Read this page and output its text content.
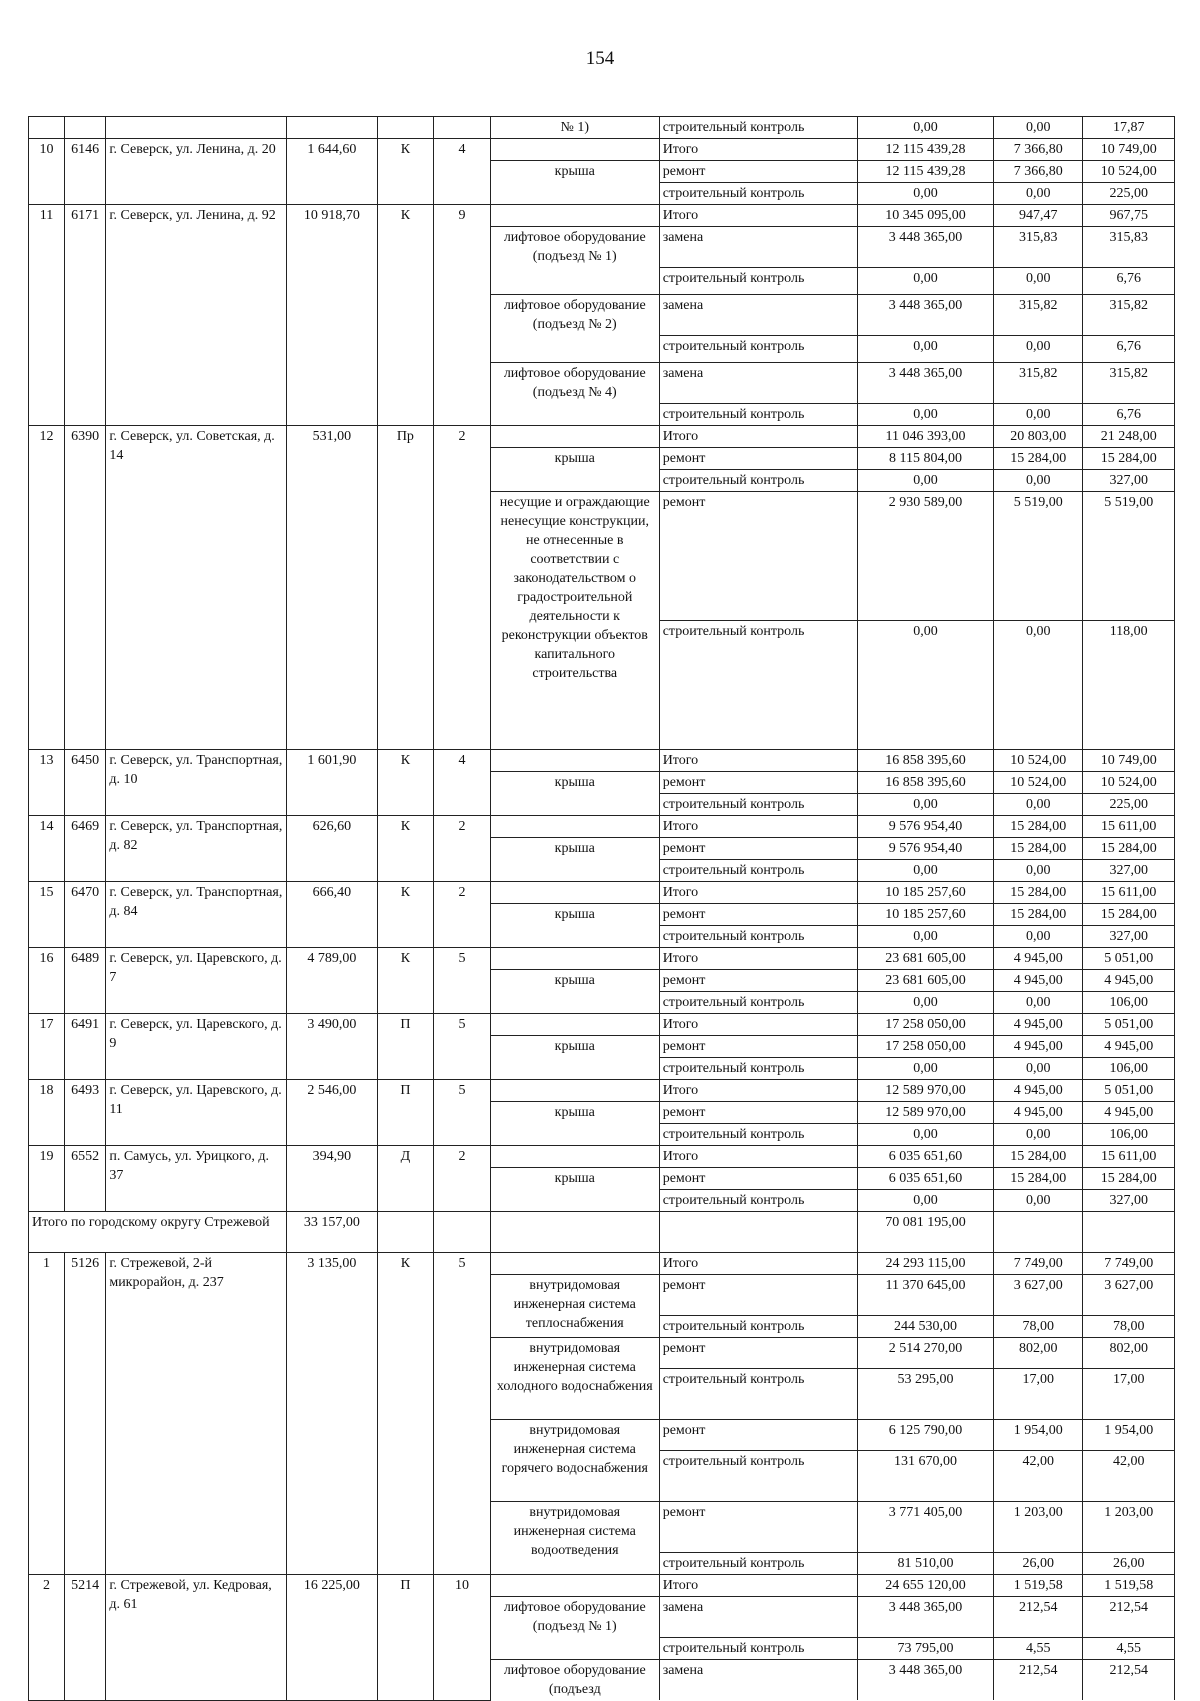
154
						№ 1)	строительный контроль	0,00	0,00	17,87
10	6146	г. Северск, ул. Ленина, д. 20	1 644,60	К	4		Итого	12 115 439,28	7 366,80	10 749,00
						крыша	ремонт	12 115 439,28	7 366,80	10 524,00
							строительный контроль	0,00	0,00	225,00
11	6171	г. Северск, ул. Ленина, д. 92	10 918,70	К	9		Итого	10 345 095,00	947,47	967,75
						лифтовое оборудование (подъезд № 1)	замена	3 448 365,00	315,83	315,83
							строительный контроль	0,00	0,00	6,76
						лифтовое оборудование (подъезд № 2)	замена	3 448 365,00	315,82	315,82
							строительный контроль	0,00	0,00	6,76
						лифтовое оборудование (подъезд № 4)	замена	3 448 365,00	315,82	315,82
							строительный контроль	0,00	0,00	6,76
12	6390	г. Северск, ул. Советская, д. 14	531,00	Пр	2		Итого	11 046 393,00	20 803,00	21 248,00
						крыша	ремонт	8 115 804,00	15 284,00	15 284,00
							строительный контроль	0,00	0,00	327,00
						несущие и ограждающие ненесущие конструкции, не отнесенные в соответствии с законодательством о градостроительной деятельности к реконструкции объектов капитального строительства	ремонт	2 930 589,00	5 519,00	5 519,00
							строительный контроль	0,00	0,00	118,00
13	6450	г. Северск, ул. Транспортная, д. 10	1 601,90	К	4		Итого	16 858 395,60	10 524,00	10 749,00
						крыша	ремонт	16 858 395,60	10 524,00	10 524,00
							строительный контроль	0,00	0,00	225,00
14	6469	г. Северск, ул. Транспортная, д. 82	626,60	К	2		Итого	9 576 954,40	15 284,00	15 611,00
						крыша	ремонт	9 576 954,40	15 284,00	15 284,00
							строительный контроль	0,00	0,00	327,00
15	6470	г. Северск, ул. Транспортная, д. 84	666,40	К	2		Итого	10 185 257,60	15 284,00	15 611,00
						крыша	ремонт	10 185 257,60	15 284,00	15 284,00
							строительный контроль	0,00	0,00	327,00
16	6489	г. Северск, ул. Царевского, д. 7	4 789,00	К	5		Итого	23 681 605,00	4 945,00	5 051,00
						крыша	ремонт	23 681 605,00	4 945,00	4 945,00
							строительный контроль	0,00	0,00	106,00
17	6491	г. Северск, ул. Царевского, д. 9	3 490,00	П	5		Итого	17 258 050,00	4 945,00	5 051,00
						крыша	ремонт	17 258 050,00	4 945,00	4 945,00
							строительный контроль	0,00	0,00	106,00
18	6493	г. Северск, ул. Царевского, д. 11	2 546,00	П	5		Итого	12 589 970,00	4 945,00	5 051,00
						крыша	ремонт	12 589 970,00	4 945,00	4 945,00
							строительный контроль	0,00	0,00	106,00
19	6552	п. Самусь, ул. Урицкого, д. 37	394,90	Д	2		Итого	6 035 651,60	15 284,00	15 611,00
						крыша	ремонт	6 035 651,60	15 284,00	15 284,00
							строительный контроль	0,00	0,00	327,00
Итого по городскому округу Стрежевой			33 157,00					70 081 195,00		
1	5126	г. Стрежевой, 2-й микрорайон, д. 237	3 135,00	К	5		Итого	24 293 115,00	7 749,00	7 749,00
						внутридомовая инженерная система теплоснабжения	ремонт	11 370 645,00	3 627,00	3 627,00
							строительный контроль	244 530,00	78,00	78,00
						внутридомовая инженерная система холодного водоснабжения	ремонт	2 514 270,00	802,00	802,00
							строительный контроль	53 295,00	17,00	17,00
						внутридомовая инженерная система горячего водоснабжения	ремонт	6 125 790,00	1 954,00	1 954,00
							строительный контроль	131 670,00	42,00	42,00
						внутридомовая инженерная система водоотведения	ремонт	3 771 405,00	1 203,00	1 203,00
							строительный контроль	81 510,00	26,00	26,00
2	5214	г. Стрежевой, ул. Кедровая, д. 61	16 225,00	П	10		Итого	24 655 120,00	1 519,58	1 519,58
						лифтовое оборудование (подъезд № 1)	замена	3 448 365,00	212,54	212,54
							строительный контроль	73 795,00	4,55	4,55
						лифтовое оборудование (подъезд	замена	3 448 365,00	212,54	212,54
